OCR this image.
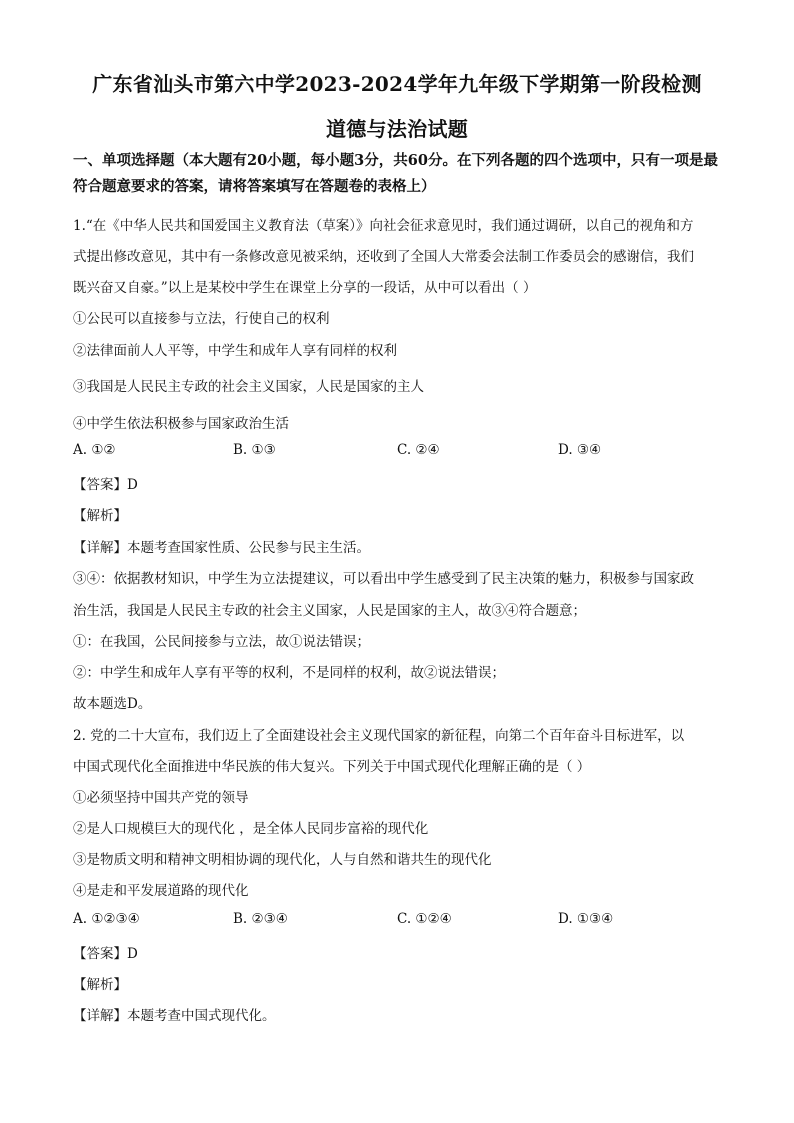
广东省汕头市第六中学2023-2024学年九年级下学期第一阶段检测
道德与法治试题
一、单项选择题（本大题有20小题，每小题3分，共60分。在下列各题的四个选项中，只有一项是最符合题意要求的答案，请将答案填写在答题卷的表格上）
1.“在《中华人民共和国爱国主义教育法（草案）》向社会征求意见时，我们通过调研，以自己的视角和方
式提出修改意见，其中有一条修改意见被采纳，还收到了全国人大常委会法制工作委员会的感谢信，我们
既兴奋又自豪。”以上是某校中学生在课堂上分享的一段话，从中可以看出（ ）
①公民可以直接参与立法，行使自己的权利
②法律面前人人平等，中学生和成年人享有同样的权利
③我国是人民民主专政的社会主义国家，人民是国家的主人
④中学生依法积极参与国家政治生活
A. ①②	B. ①③	C. ②④	D. ③④
【答案】D
【解析】
【详解】本题考查国家性质、公民参与民主生活。
③④：依据教材知识，中学生为立法提建议，可以看出中学生感受到了民主决策的魅力，积极参与国家政
治生活，我国是人民民主专政的社会主义国家，人民是国家的主人，故③④符合题意；
①：在我国，公民间接参与立法，故①说法错误；
②：中学生和成年人享有平等的权利，不是同样的权利，故②说法错误；
故本题选D。
2. 党的二十大宣布，我们迈上了全面建设社会主义现代国家的新征程，向第二个百年奋斗目标进军，以
中国式现代化全面推进中华民族的伟大复兴。下列关于中国式现代化理解正确的是（ ）
①必须坚持中国共产党的领导
②是人口规模巨大的现代化 ，是全体人民同步富裕的现代化
③是物质文明和精神文明相协调的现代化，人与自然和谐共生的现代化
④是走和平发展道路的现代化
A. ①②③④	B. ②③④	C. ①②④	D. ①③④
【答案】D
【解析】
【详解】本题考查中国式现代化。
